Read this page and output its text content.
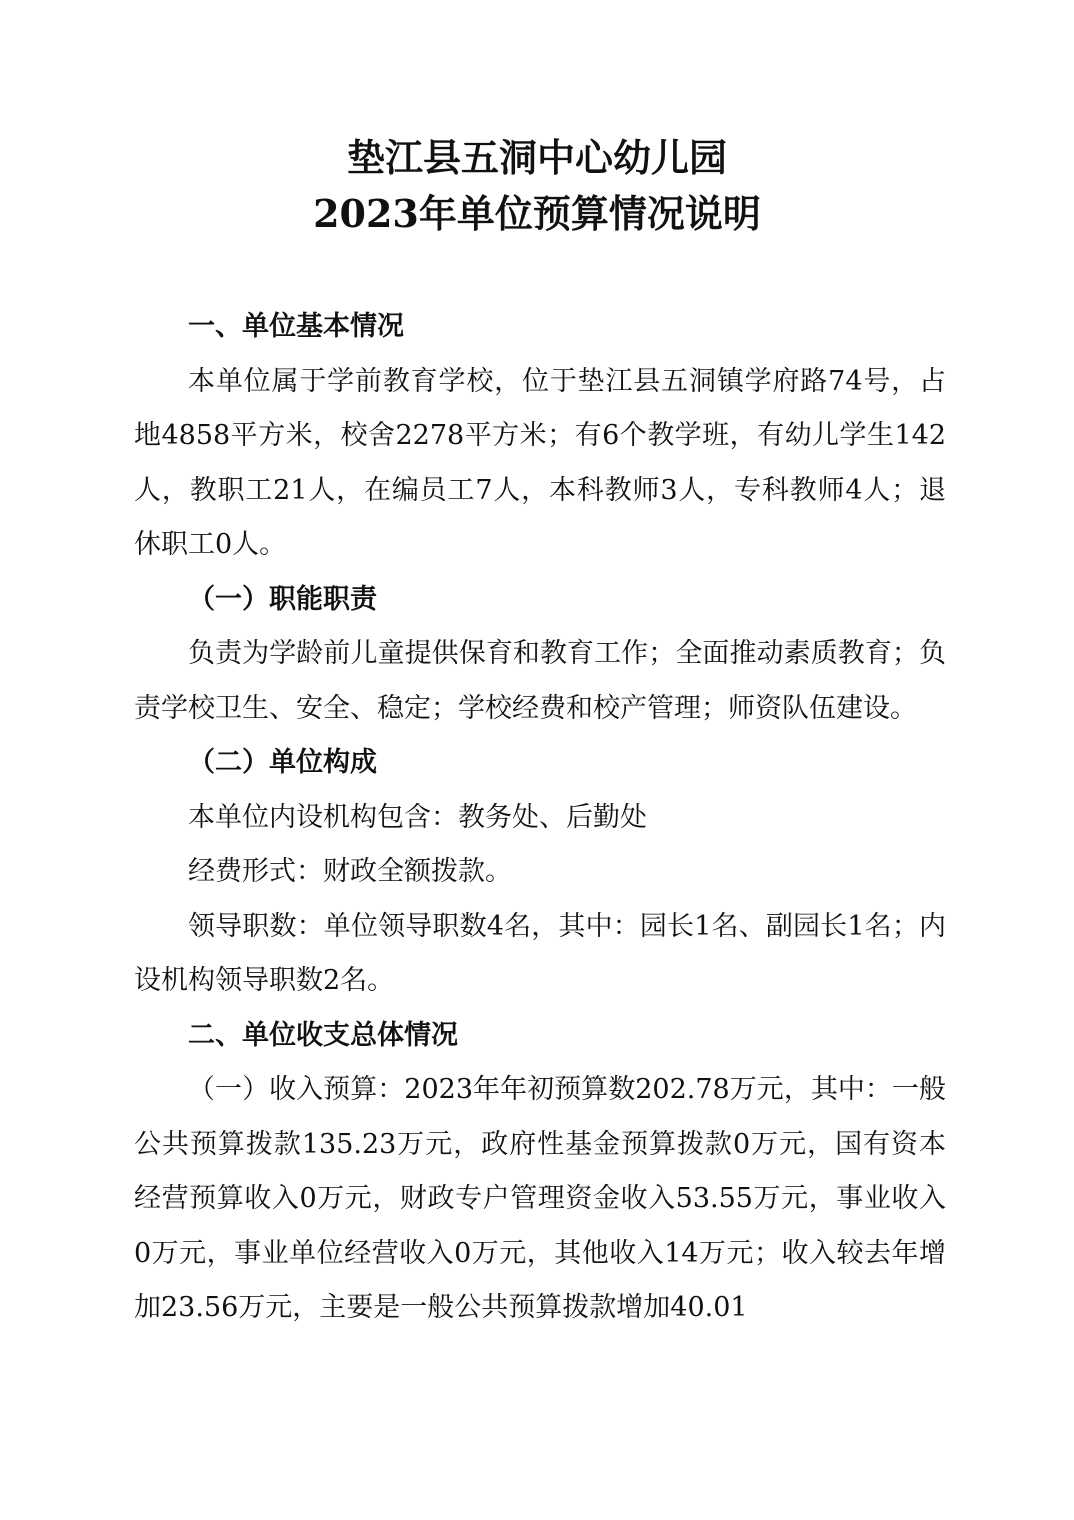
垫江县五洞中心幼儿园
2023年单位预算情况说明

一、单位基本情况

本单位属于学前教育学校，位于垫江县五洞镇学府路74号，占地4858平方米，校舍2278平方米；有6个教学班，有幼儿学生142人，教职工21人，在编员工7人，本科教师3人，专科教师4人；退休职工0人。

（一）职能职责

负责为学龄前儿童提供保育和教育工作；全面推动素质教育；负责学校卫生、安全、稳定；学校经费和校产管理；师资队伍建设。

（二）单位构成

本单位内设机构包含：教务处、后勤处

经费形式：财政全额拨款。

领导职数：单位领导职数4名，其中：园长1名、副园长1名；内设机构领导职数2名。

二、单位收支总体情况

（一）收入预算：2023年年初预算数202.78万元，其中：一般公共预算拨款135.23万元，政府性基金预算拨款0万元，国有资本经营预算收入0万元，财政专户管理资金收入53.55万元，事业收入0万元，事业单位经营收入0万元，其他收入14万元；收入较去年增加23.56万元，主要是一般公共预算拨款增加40.01
